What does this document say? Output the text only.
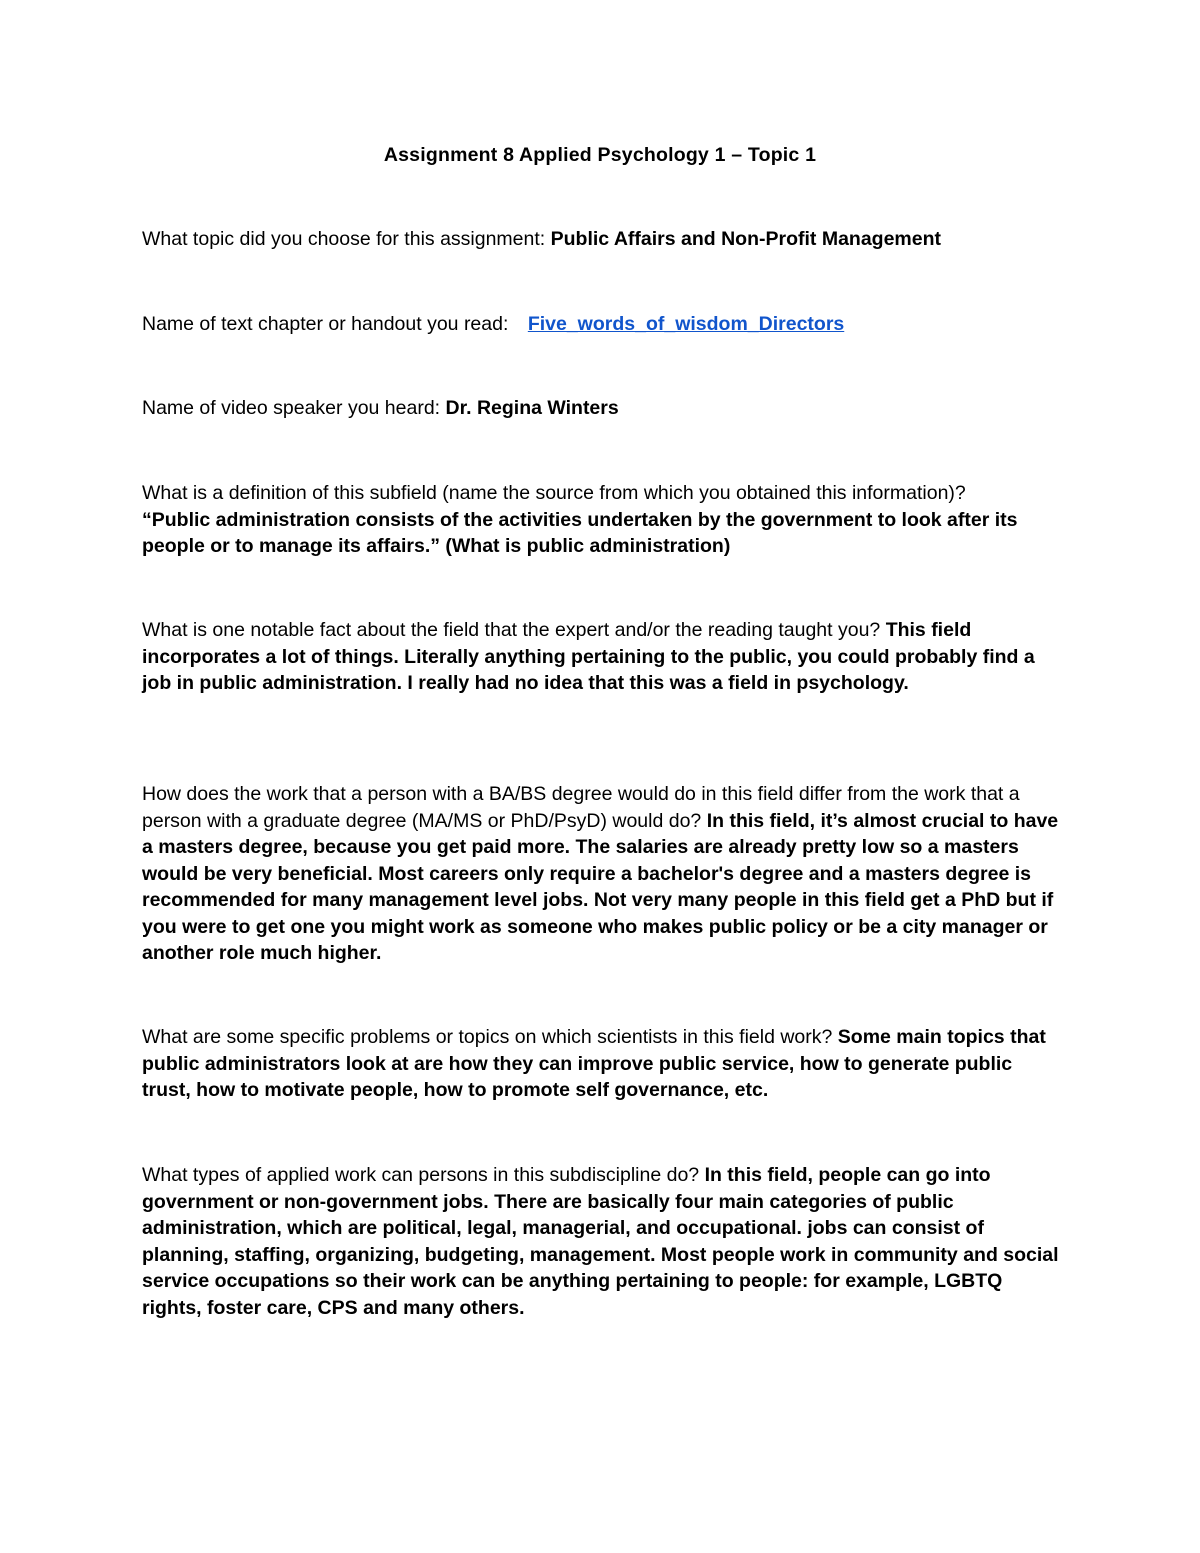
Assignment 8 Applied Psychology 1 – Topic 1
What topic did you choose for this assignment: Public Affairs and Non-Profit Management
Name of text chapter or handout you read: Five_words_of_wisdom_Directors
Name of video speaker you heard: Dr. Regina Winters
What is a definition of this subfield (name the source from which you obtained this information)?
“Public administration consists of the activities undertaken by the government to look after its people or to manage its affairs.” (What is public administration)
What is one notable fact about the field that the expert and/or the reading taught you? This field incorporates a lot of things. Literally anything pertaining to the public, you could probably find a job in public administration. I really had no idea that this was a field in psychology.
How does the work that a person with a BA/BS degree would do in this field differ from the work that a person with a graduate degree (MA/MS or PhD/PsyD) would do? In this field, it’s almost crucial to have a masters degree, because you get paid more. The salaries are already pretty low so a masters would be very beneficial. Most careers only require a bachelor's degree and a masters degree is recommended for many management level jobs. Not very many people in this field get a PhD but if you were to get one you might work as someone who makes public policy or be a city manager or another role much higher.
What are some specific problems or topics on which scientists in this field work? Some main topics that public administrators look at are how they can improve public service, how to generate public trust, how to motivate people, how to promote self governance, etc.
What types of applied work can persons in this subdiscipline do? In this field, people can go into government or non-government jobs. There are basically four main categories of public administration, which are political, legal, managerial, and occupational. jobs can consist of planning, staffing, organizing, budgeting, management. Most people work in community and social service occupations so their work can be anything pertaining to people: for example, LGBTQ rights, foster care, CPS and many others.
